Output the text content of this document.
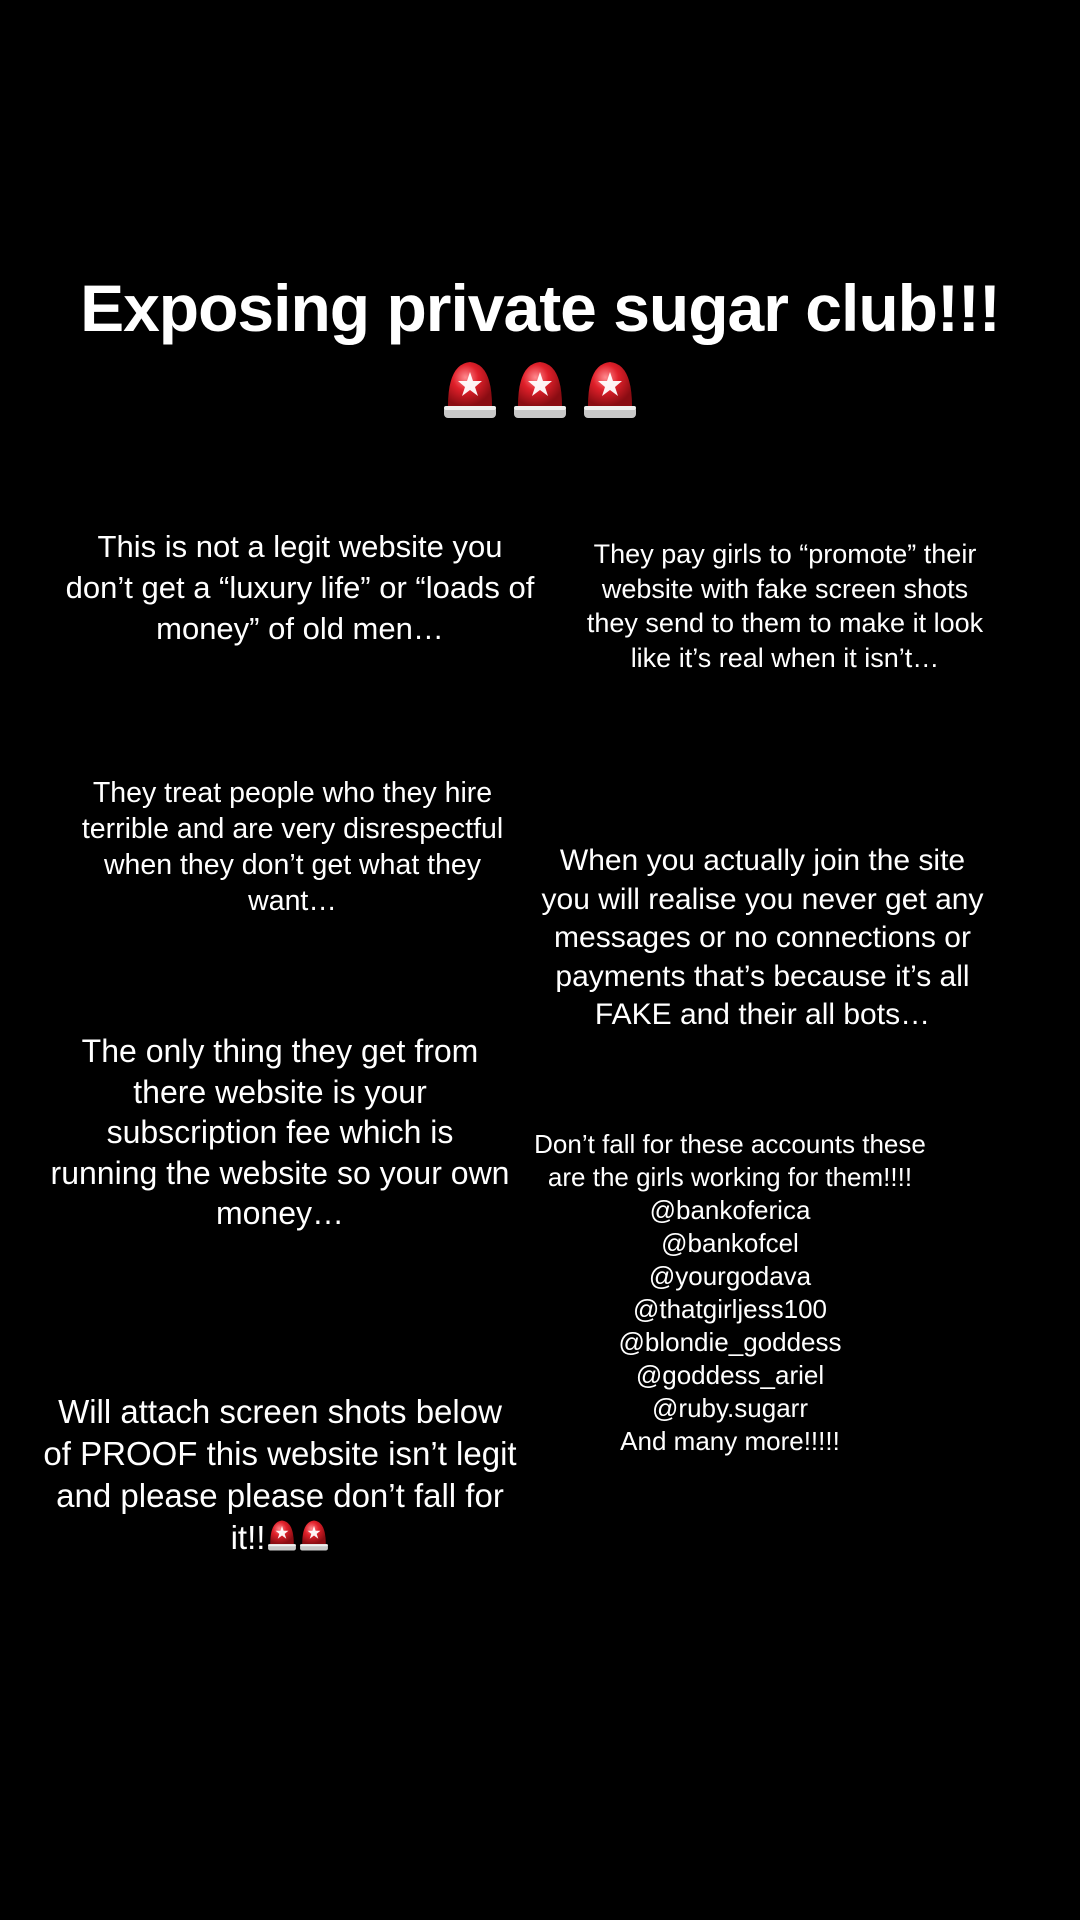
Exposing private sugar club!!!

This is not a legit website you don’t get a “luxury life” or “loads of money” of old men…

They pay girls to “promote” their website with fake screen shots they send to them to make it look like it’s real when it isn’t…

They treat people who they hire terrible and are very disrespectful when they don’t get what they want…

When you actually join the site you will realise you never get any messages or no connections or payments that’s because it’s all FAKE and their all bots…

The only thing they get from there website is your subscription fee which is running the website so your own money…

Don’t fall for these accounts these are the girls working for them!!!!
@bankoferica
@bankofcel
@yourgodava
@thatgirljess100
@blondie_goddess
@goddess_ariel
@ruby.sugarr
And many more!!!!!

Will attach screen shots below of PROOF this website isn’t legit and please please don’t fall for it!!
